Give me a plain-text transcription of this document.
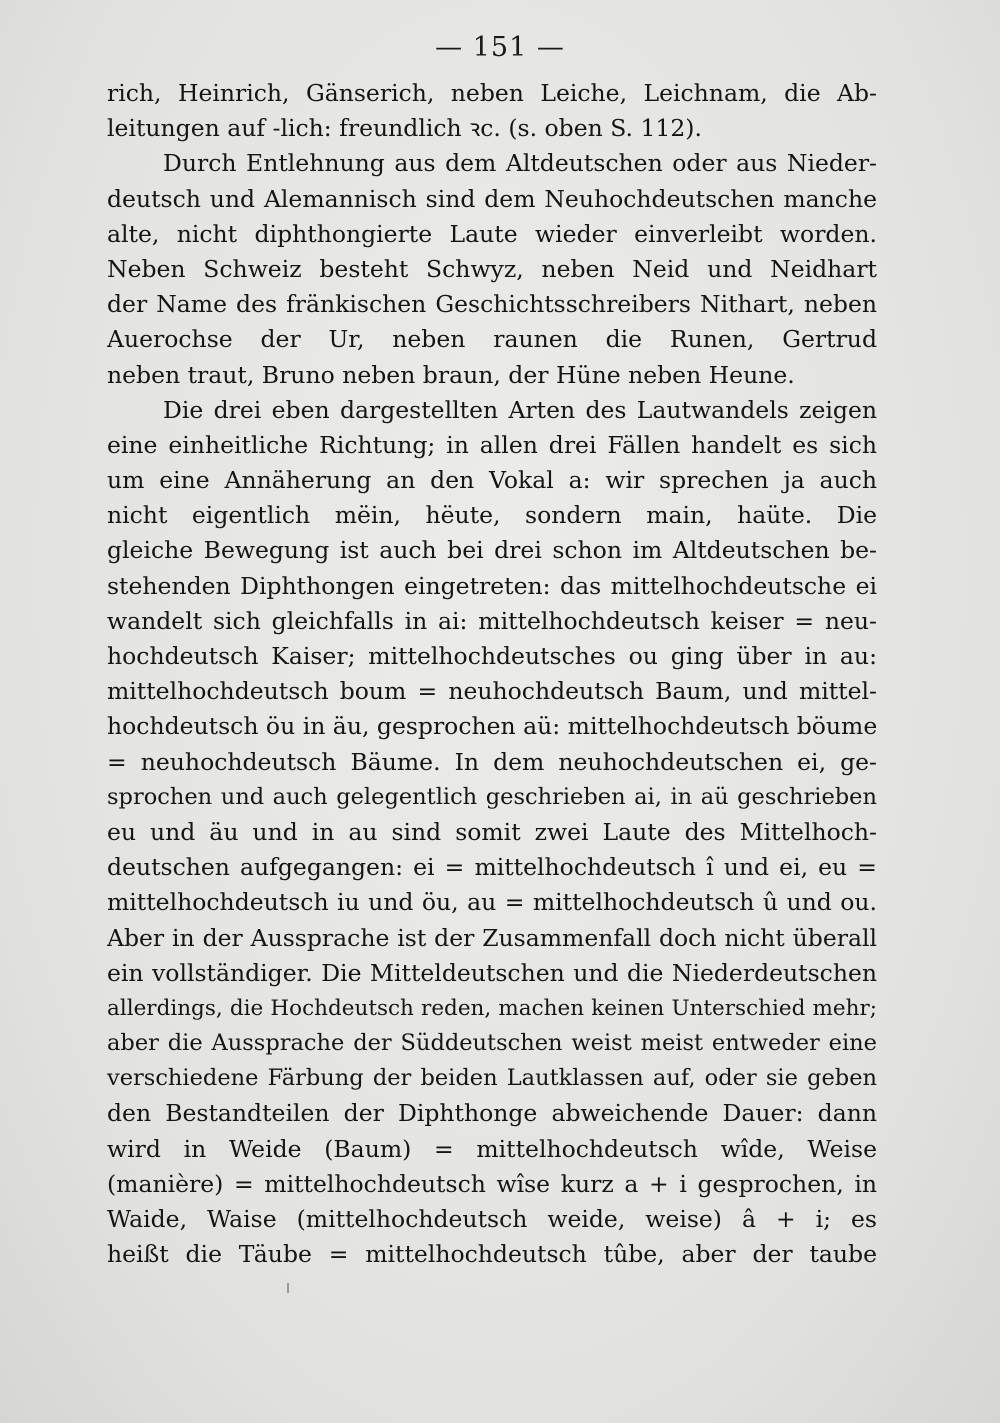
— 151 —
rich, Heinrich, Gänserich, neben Leiche, Leichnam, die Ab-
leitungen auf -lich: freundlich ꝛc. (s. oben S. 112).
Durch Entlehnung aus dem Altdeutschen oder aus Nieder-
deutsch und Alemannisch sind dem Neuhochdeutschen manche
alte, nicht diphthongierte Laute wieder einverleibt worden.
Neben Schweiz besteht Schwyz, neben Neid und Neidhart
der Name des fränkischen Geschichtsschreibers Nithart, neben
Auerochse der Ur, neben raunen die Runen, Gertrud
neben traut, Bruno neben braun, der Hüne neben Heune.
Die drei eben dargestellten Arten des Lautwandels zeigen
eine einheitliche Richtung; in allen drei Fällen handelt es sich
um eine Annäherung an den Vokal a: wir sprechen ja auch
nicht eigentlich mëin, hëute, sondern main, haüte. Die
gleiche Bewegung ist auch bei drei schon im Altdeutschen be-
stehenden Diphthongen eingetreten: das mittelhochdeutsche ei
wandelt sich gleichfalls in ai: mittelhochdeutsch keiser = neu-
hochdeutsch Kaiser; mittelhochdeutsches ou ging über in au:
mittelhochdeutsch boum = neuhochdeutsch Baum, und mittel-
hochdeutsch öu in äu, gesprochen aü: mittelhochdeutsch böume
= neuhochdeutsch Bäume. In dem neuhochdeutschen ei, ge-
sprochen und auch gelegentlich geschrieben ai, in aü geschrieben
eu und äu und in au sind somit zwei Laute des Mittelhoch-
deutschen aufgegangen: ei = mittelhochdeutsch î und ei, eu =
mittelhochdeutsch iu und öu, au = mittelhochdeutsch û und ou.
Aber in der Aussprache ist der Zusammenfall doch nicht überall
ein vollständiger. Die Mitteldeutschen und die Niederdeutschen
allerdings, die Hochdeutsch reden, machen keinen Unterschied mehr;
aber die Aussprache der Süddeutschen weist meist entweder eine
verschiedene Färbung der beiden Lautklassen auf, oder sie geben
den Bestandteilen der Diphthonge abweichende Dauer: dann
wird in Weide (Baum) = mittelhochdeutsch wîde, Weise
(manière) = mittelhochdeutsch wîse kurz a + i gesprochen, in
Waide, Waise (mittelhochdeutsch weide, weise) â + i; es
heißt die Täube = mittelhochdeutsch tûbe, aber der taube
